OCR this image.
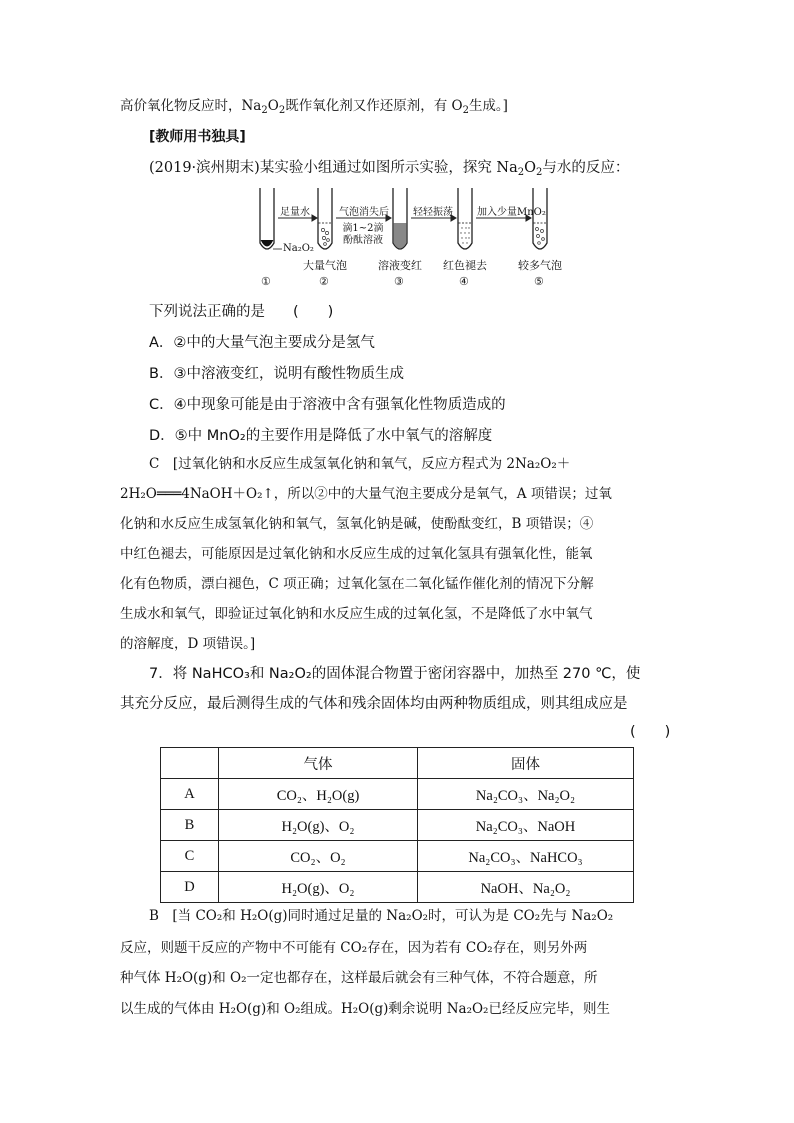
高价氧化物反应时，$Na_2O_2$既作氧化剂又作还原剂，有 $O_2$生成。]
[教师用书独具]
(2019·滨州期末)某实验小组通过如图所示实验，探究 $Na_2O_2$与水的反应：
足量水	气泡消失后
滴1~2滴酚酞溶液
轻轻振荡 加入少量MnO₂
Na₂O₂
大量气泡	溶液变红 红色褪去	较多气泡
①	②	③	④	⑤
下列说法正确的是 (　　)
A．②中的大量气泡主要成分是氢气
B．③中溶液变红，说明有酸性物质生成
C．④中现象可能是由于溶液中含有强氧化性物质造成的
D．⑤中 MnO₂的主要作用是降低了水中氧气的溶解度
C　[过氧化钠和水反应生成氢氧化钠和氧气，反应方程式为 2Na₂O₂＋
2H₂O═══4NaOH＋O₂↑，所以②中的大量气泡主要成分是氧气，A 项错误；过氧
化钠和水反应生成氢氧化钠和氧气，氢氧化钠是碱，使酚酞变红，B 项错误；④
中红色褪去，可能原因是过氧化钠和水反应生成的过氧化氢具有强氧化性，能氧
化有色物质，漂白褪色，C 项正确；过氧化氢在二氧化锰作催化剂的情况下分解
生成水和氧气，即验证过氧化钠和水反应生成的过氧化氢，不是降低了水中氧气
的溶解度，D 项错误。]
7．将 NaHCO₃和 Na₂O₂的固体混合物置于密闭容器中，加热至 270 ℃，使
其充分反应，最后测得生成的气体和残余固体均由两种物质组成，则其组成应是
(　　)
	气体	固体
A	CO₂、H₂O(g)	Na₂CO₃、Na₂O₂
B	H₂O(g)、O₂	Na₂CO₃、NaOH
C	CO₂、O₂	Na₂CO₃、NaHCO₃
D	H₂O(g)、O₂	NaOH、Na₂O₂
B　[当 CO₂和 H₂O(g)同时通过足量的 Na₂O₂时，可认为是 CO₂先与 Na₂O₂
反应，则题干反应的产物中不可能有 CO₂存在，因为若有 CO₂存在，则另外两
种气体 H₂O(g)和 O₂一定也都存在，这样最后就会有三种气体，不符合题意，所
以生成的气体由 H₂O(g)和 O₂组成。H₂O(g)剩余说明 Na₂O₂已经反应完毕，则生
